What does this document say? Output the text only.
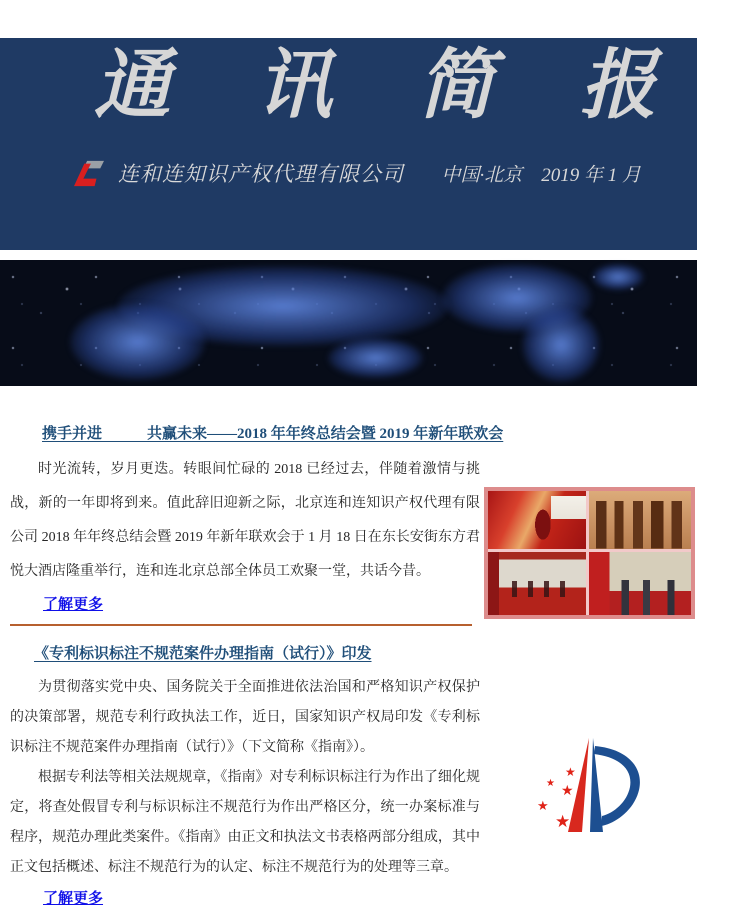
通讯简报
连和连知识产权代理有限公司 中国·北京　2019 年 1 月
携手并进　　　共赢未来——2018 年年终总结会暨 2019 年新年联欢会

时光流转，岁月更迭。转眼间忙碌的 2018 已经过去，伴随着激情与挑战，新的一年即将到来。值此辞旧迎新之际，北京连和连知识产权代理有限公司 2018 年年终总结会暨 2019 年新年联欢会于 1 月 18 日在东长安街东方君悦大酒店隆重举行，连和连北京总部全体员工欢聚一堂，共话今昔。

了解更多
《专利标识标注不规范案件办理指南（试行）》印发

为贯彻落实党中央、国务院关于全面推进依法治国和严格知识产权保护的决策部署，规范专利行政执法工作，近日，国家知识产权局印发《专利标识标注不规范案件办理指南（试行）》（下文简称《指南》）。

根据专利法等相关法规规章，《指南》对专利标识标注行为作出了细化规定，将查处假冒专利与标识标注不规范行为作出严格区分，统一办案标准与程序，规范办理此类案件。《指南》由正文和执法文书表格两部分组成，其中正文包括概述、标注不规范行为的认定、标注不规范行为的处理等三章。

了解更多
★
★
★
★
★
